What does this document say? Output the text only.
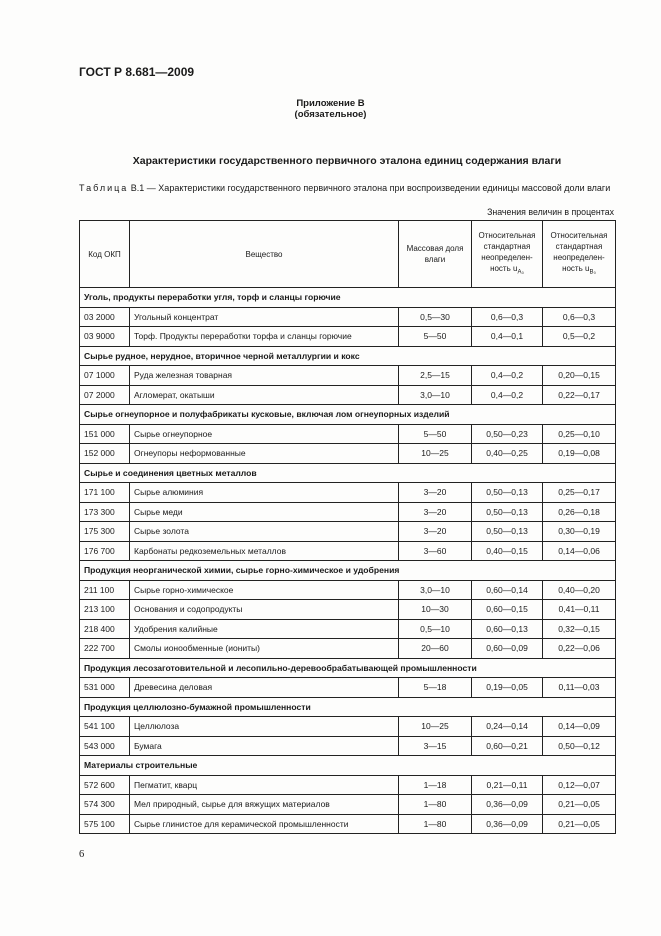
ГОСТ Р 8.681—2009
Приложение В
(обязательное)
Характеристики государственного первичного эталона единиц содержания влаги
Таблица В.1 — Характеристики государственного первичного эталона при воспроизведении единицы массовой доли влаги
Значения величин в процентах
Код ОКП	Вещество	Массовая доля влаги	Относительная стандартная неопределен- ность $u_{A_0}$	Относительная стандартная неопределен- ность $u_{B_0}$
Уголь, продукты переработки угля, торф и сланцы горючие				
03 2000	Угольный концентрат	0,5—30	0,6—0,3	0,6—0,3
03 9000	Торф. Продукты переработки торфа и сланцы горючие	5—50	0,4—0,1	0,5—0,2
Сырье рудное, нерудное, вторичное черной металлургии и кокс				
07 1000	Руда железная товарная	2,5—15	0,4—0,2	0,20—0,15
07 2000	Агломерат, окатыши	3,0—10	0,4—0,2	0,22—0,17
Сырье огнеупорное и полуфабрикаты кусковые, включая лом огнеупорных изделий				
151 000	Сырье огнеупорное	5—50	0,50—0,23	0,25—0,10
152 000	Огнеупоры неформованные	10—25	0,40—0,25	0,19—0,08
Сырье и соединения цветных металлов				
171 100	Сырье алюминия	3—20	0,50—0,13	0,25—0,17
173 300	Сырье меди	3—20	0,50—0,13	0,26—0,18
175 300	Сырье золота	3—20	0,50—0,13	0,30—0,19
176 700	Карбонаты редкоземельных металлов	3—60	0,40—0,15	0,14—0,06
Продукция неорганической химии, сырье горно-химическое и удобрения				
211 100	Сырье горно-химическое	3,0—10	0,60—0,14	0,40—0,20
213 100	Основания и содопродукты	10—30	0,60—0,15	0,41—0,11
218 400	Удобрения калийные	0,5—10	0,60—0,13	0,32—0,15
222 700	Смолы ионообменные (иониты)	20—60	0,60—0,09	0,22—0,06
Продукция лесозаготовительной и лесопильно-деревообрабатывающей промышленности				
531 000	Древесина деловая	5—18	0,19—0,05	0,11—0,03
Продукция целлюлозно-бумажной промышленности				
541 100	Целлюлоза	10—25	0,24—0,14	0,14—0,09
543 000	Бумага	3—15	0,60—0,21	0,50—0,12
Материалы строительные				
572 600	Пегматит, кварц	1—18	0,21—0,11	0,12—0,07
574 300	Мел природный, сырье для вяжущих материалов	1—80	0,36—0,09	0,21—0,05
575 100	Сырье глинистое для керамической промышленности	1—80	0,36—0,09	0,21—0,05
6
